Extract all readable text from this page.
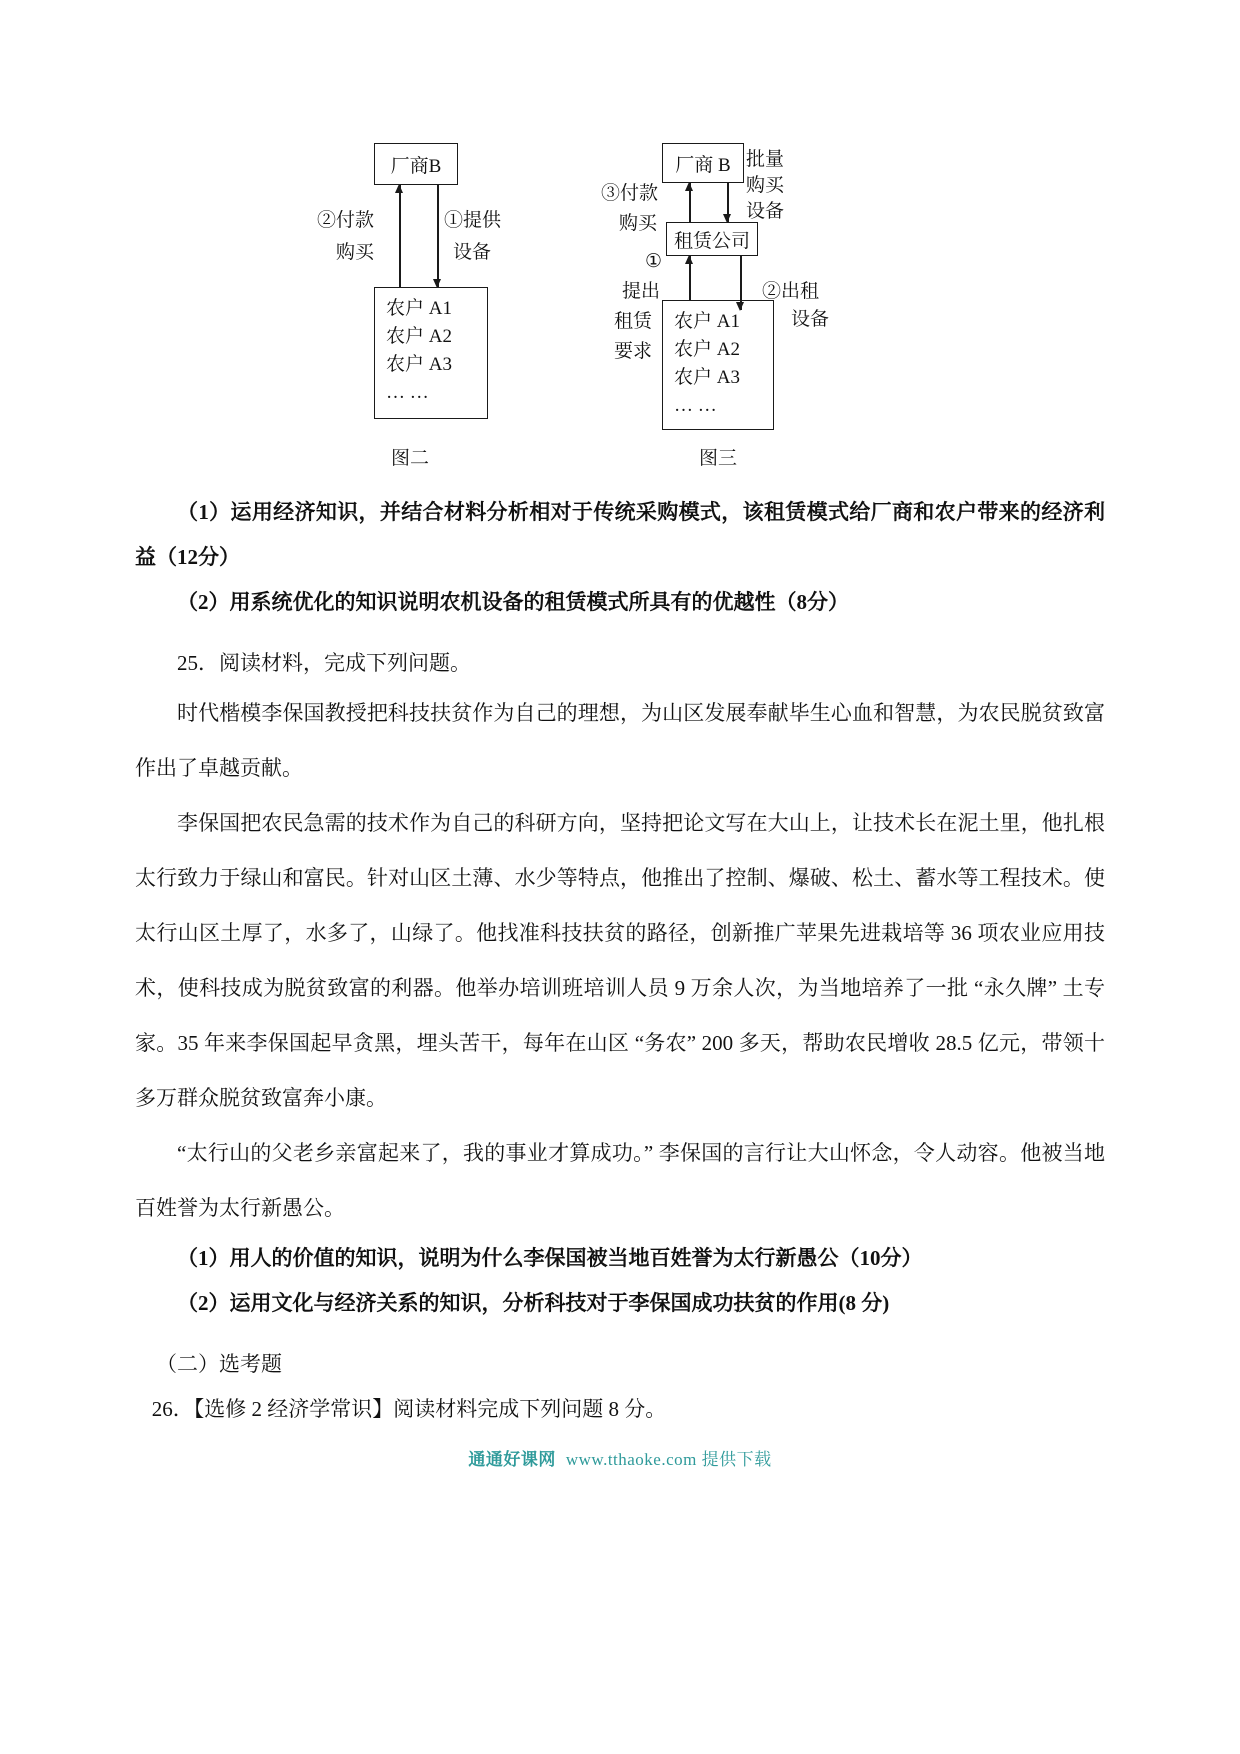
厂商B
②付款
购买
①提供
设备
农户 A1
农户 A2
农户 A3
… …
图二
厂商 B 批量
购买
设备
③付款
购买
租赁公司
①
提出
租赁
要求
②出租
设备
农户 A1
农户 A2
农户 A3
… …
图三

（1）运用经济知识，并结合材料分析相对于传统采购模式，该租赁模式给厂商和农户带来的经济利益（12分）

（2）用系统优化的知识说明农机设备的租赁模式所具有的优越性（8分）

25．阅读材料，完成下列问题。

时代楷模李保国教授把科技扶贫作为自己的理想，为山区发展奉献毕生心血和智慧，为农民脱贫致富作出了卓越贡献。

李保国把农民急需的技术作为自己的科研方向，坚持把论文写在大山上，让技术长在泥土里，他扎根太行致力于绿山和富民。针对山区土薄、水少等特点，他推出了控制、爆破、松土、蓄水等工程技术。使太行山区土厚了，水多了，山绿了。他找准科技扶贫的路径，创新推广苹果先进栽培等 36 项农业应用技术，使科技成为脱贫致富的利器。他举办培训班培训人员 9 万余人次，为当地培养了一批 “永久牌” 土专家。35 年来李保国起早贪黑，埋头苦干，每年在山区 “务农” 200 多天，帮助农民增收 28.5 亿元，带领十多万群众脱贫致富奔小康。

“太行山的父老乡亲富起来了，我的事业才算成功。” 李保国的言行让大山怀念，令人动容。他被当地百姓誉为太行新愚公。

（1）用人的价值的知识，说明为什么李保国被当地百姓誉为太行新愚公（10分）

（2）运用文化与经济关系的知识，分析科技对于李保国成功扶贫的作用(8 分)

（二）选考题

26．【选修 2 经济学常识】阅读材料完成下列问题 8 分。

通通好课网 www.tthaoke.com 提供下载
